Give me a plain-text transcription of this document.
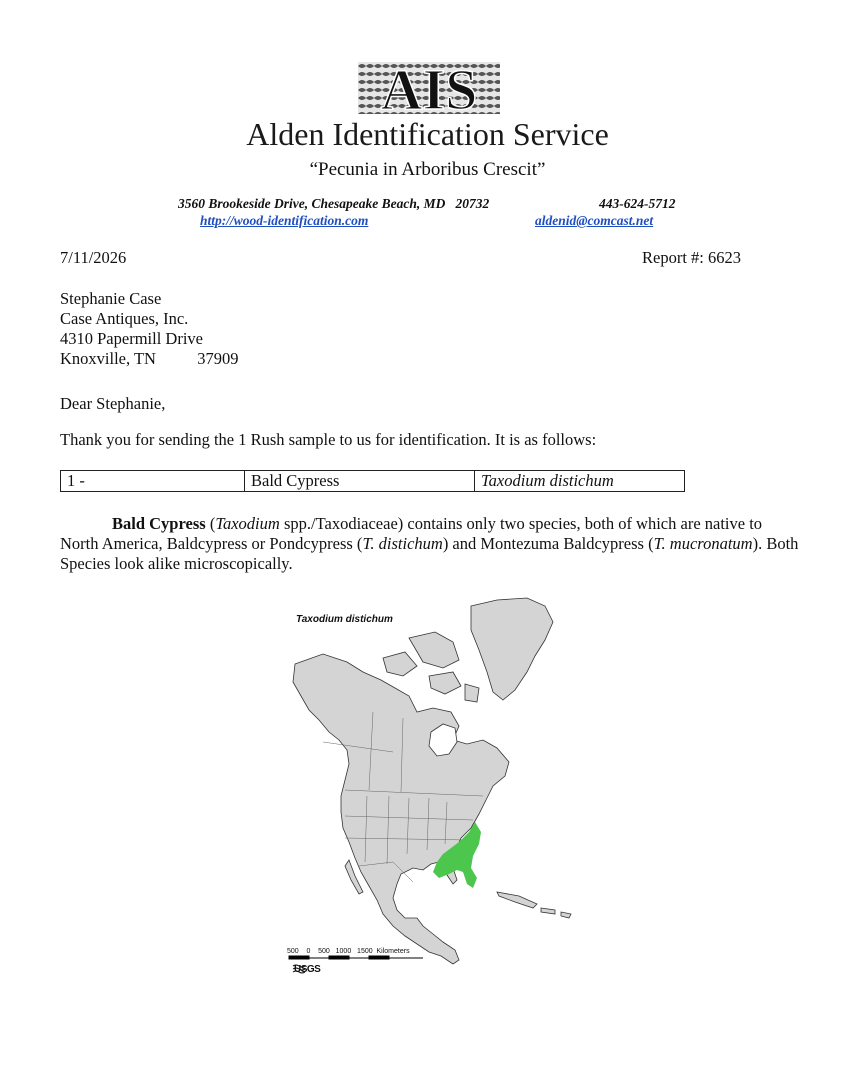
AIS
Alden Identification Service
“Pecunia in Arboribus Crescit”
3560 Brookeside Drive, Chesapeake Beach, MD   20732	443-624-5712
http://wood-identification.com	aldenid@comcast.net
7/11/2026	Report #: 6623
Stephanie Case
Case Antiques, Inc.
4310 Papermill Drive
Knoxville, TN          37909
Dear Stephanie,
Thank you for sending the 1 Rush sample to us for identification. It is as follows:
1 -	Bald Cypress	Taxodium distichum

Bald Cypress (Taxodium spp./Taxodiaceae) contains only two species, both of which are native to North America, Baldcypress or Pondcypress (T. distichum) and Montezuma Baldcypress (T. mucronatum). Both Species look alike microscopically.

Taxodium distichum
500    0    500   1000   1500  Kilometers
USGS
